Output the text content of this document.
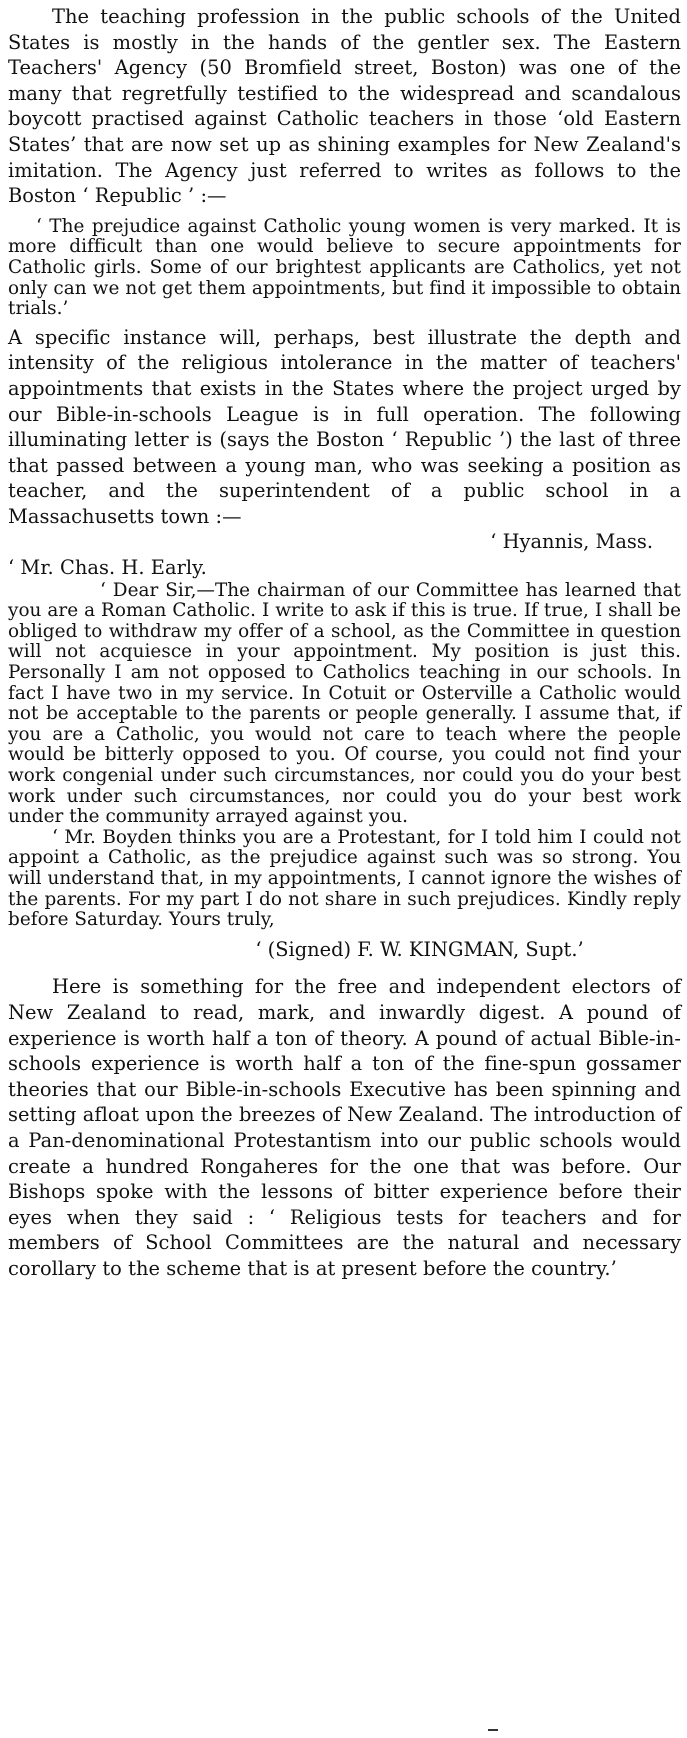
The teaching profession in the public schools of the United States is mostly in the hands of the gentler sex. The Eastern Teachers' Agency (50 Bromfield street, Boston) was one of the many that regretfully testified to the widespread and scandalous boycott practised against Catholic teachers in those ‘old Eastern States’ that are now set up as shining examples for New Zealand's imitation. The Agency just referred to writes as follows to the Boston ‘ Republic ’ :—

‘ The prejudice against Catholic young women is very marked. It is more difficult than one would believe to secure appointments for Catholic girls. Some of our brightest applicants are Catholics, yet not only can we not get them appointments, but find it impossible to obtain trials.’

A specific instance will, perhaps, best illustrate the depth and intensity of the religious intolerance in the matter of teachers' appointments that exists in the States where the project urged by our Bible-in-schools League is in full operation. The following illuminating letter is (says the Boston ‘ Republic ’) the last of three that passed between a young man, who was seeking a position as teacher, and the superintendent of a public school in a Massachusetts town :—

‘ Hyannis, Mass.

‘ Mr. Chas. H. Early.

‘ Dear Sir,—The chairman of our Committee has learned that you are a Roman Catholic. I write to ask if this is true. If true, I shall be obliged to withdraw my offer of a school, as the Committee in question will not acquiesce in your appointment. My position is just this. Personally I am not opposed to Catholics teaching in our schools. In fact I have two in my service. In Cotuit or Osterville a Catholic would not be acceptable to the parents or people generally. I assume that, if you are a Catholic, you would not care to teach where the people would be bitterly opposed to you. Of course, you could not find your work congenial under such circumstances, nor could you do your best work under such circumstances, nor could you do your best work under the community arrayed against you.

‘ Mr. Boyden thinks you are a Protestant, for I told him I could not appoint a Catholic, as the prejudice against such was so strong. You will understand that, in my appointments, I cannot ignore the wishes of the parents. For my part I do not share in such prejudices. Kindly reply before Saturday. Yours truly,

‘ (Signed) F. W. KINGMAN, Supt.’

Here is something for the free and independent electors of New Zealand to read, mark, and inwardly digest. A pound of experience is worth half a ton of theory. A pound of actual Bible-in-schools experience is worth half a ton of the fine-spun gossamer theories that our Bible-in-schools Executive has been spinning and setting afloat upon the breezes of New Zealand. The introduction of a Pan-denominational Protestantism into our public schools would create a hundred Rongaheres for the one that was before. Our Bishops spoke with the lessons of bitter experience before their eyes when they said : ‘ Religious tests for teachers and for members of School Committees are the natural and necessary corollary to the scheme that is at present before the country.’
